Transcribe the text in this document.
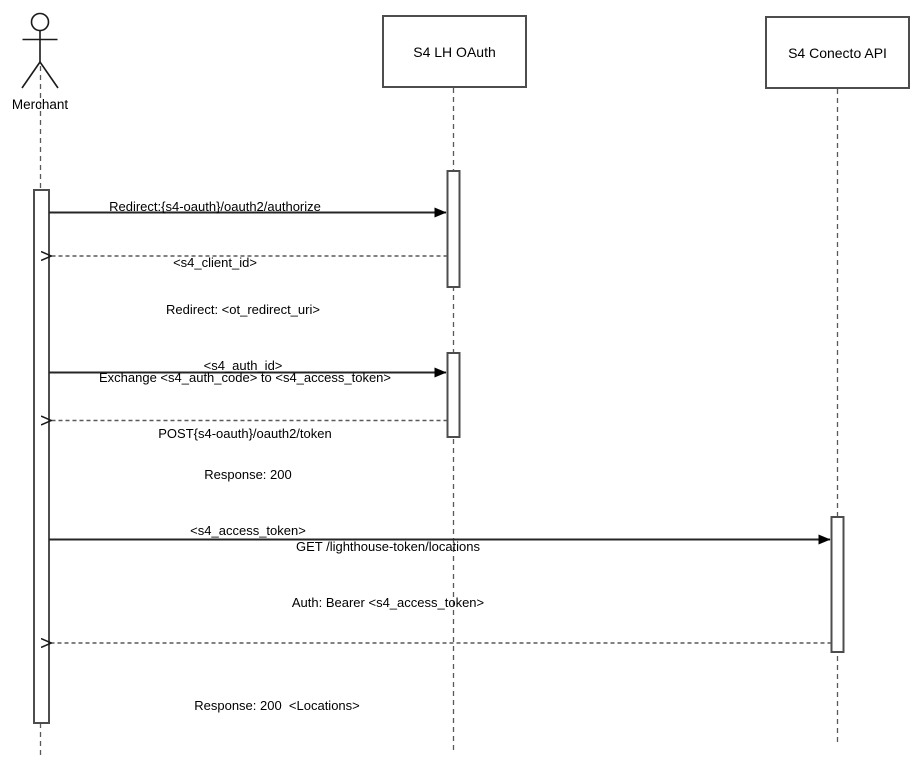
S4 LH OAuth	S4 Conecto API
Merchant

Redirect:{s4-oauth}/oauth2/authorize

<s4_client_id>

Redirect: <ot_redirect_uri>

<s4_auth_id>

Exchange <s4_auth_code> to <s4_access_token>

POST{s4-oauth}/oauth2/token

Response: 200

<s4_access_token>

GET /lighthouse-token/locations

Auth: Bearer <s4_access_token>

Response: 200  <Locations>
